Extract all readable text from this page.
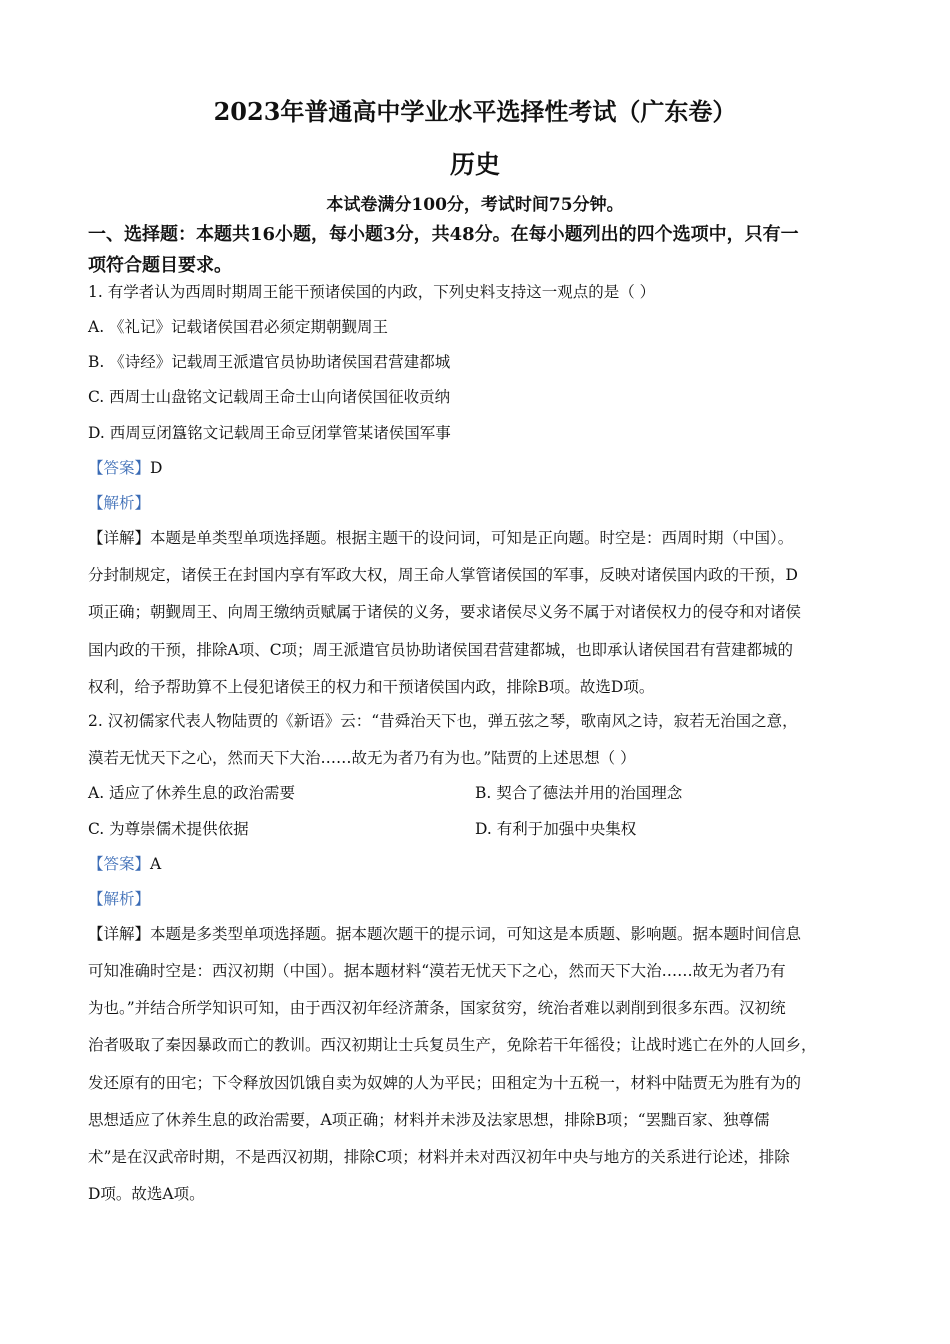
2023年普通高中学业水平选择性考试（广东卷）
历史
本试卷满分100分，考试时间75分钟。
一、选择题：本题共16小题，每小题3分，共48分。在每小题列出的四个选项中，只有一
项符合题目要求。
1. 有学者认为西周时期周王能干预诸侯国的内政，下列史料支持这一观点的是（ ）
A. 《礼记》记载诸侯国君必须定期朝觐周王
B. 《诗经》记载周王派遣官员协助诸侯国君营建都城
C. 西周士山盘铭文记载周王命士山向诸侯国征收贡纳
D. 西周豆闭簋铭文记载周王命豆闭掌管某诸侯国军事
【答案】D
【解析】
【详解】本题是单类型单项选择题。根据主题干的设问词，可知是正向题。时空是：西周时期（中国）。
分封制规定，诸侯王在封国内享有军政大权，周王命人掌管诸侯国的军事，反映对诸侯国内政的干预，D
项正确；朝觐周王、向周王缴纳贡赋属于诸侯的义务，要求诸侯尽义务不属于对诸侯权力的侵夺和对诸侯
国内政的干预，排除A项、C项；周王派遣官员协助诸侯国君营建都城，也即承认诸侯国君有营建都城的
权利，给予帮助算不上侵犯诸侯王的权力和干预诸侯国内政，排除B项。故选D项。
2. 汉初儒家代表人物陆贾的《新语》云：“昔舜治天下也，弹五弦之琴，歌南风之诗，寂若无治国之意，
漠若无忧天下之心，然而天下大治……故无为者乃有为也。”陆贾的上述思想（ ）
A. 适应了休养生息的政治需要	B. 契合了德法并用的治国理念
C. 为尊崇儒术提供依据	D. 有利于加强中央集权
【答案】A
【解析】
【详解】本题是多类型单项选择题。据本题次题干的提示词，可知这是本质题、影响题。据本题时间信息
可知准确时空是：西汉初期（中国）。据本题材料“漠若无忧天下之心，然而天下大治……故无为者乃有
为也。”并结合所学知识可知，由于西汉初年经济萧条，国家贫穷，统治者难以剥削到很多东西。汉初统
治者吸取了秦因暴政而亡的教训。西汉初期让士兵复员生产，免除若干年徭役；让战时逃亡在外的人回乡，
发还原有的田宅；下令释放因饥饿自卖为奴婢的人为平民；田租定为十五税一，材料中陆贾无为胜有为的
思想适应了休养生息的政治需要，A项正确；材料并未涉及法家思想，排除B项；“罢黜百家、独尊儒
术”是在汉武帝时期，不是西汉初期，排除C项；材料并未对西汉初年中央与地方的关系进行论述，排除
D项。故选A项。
